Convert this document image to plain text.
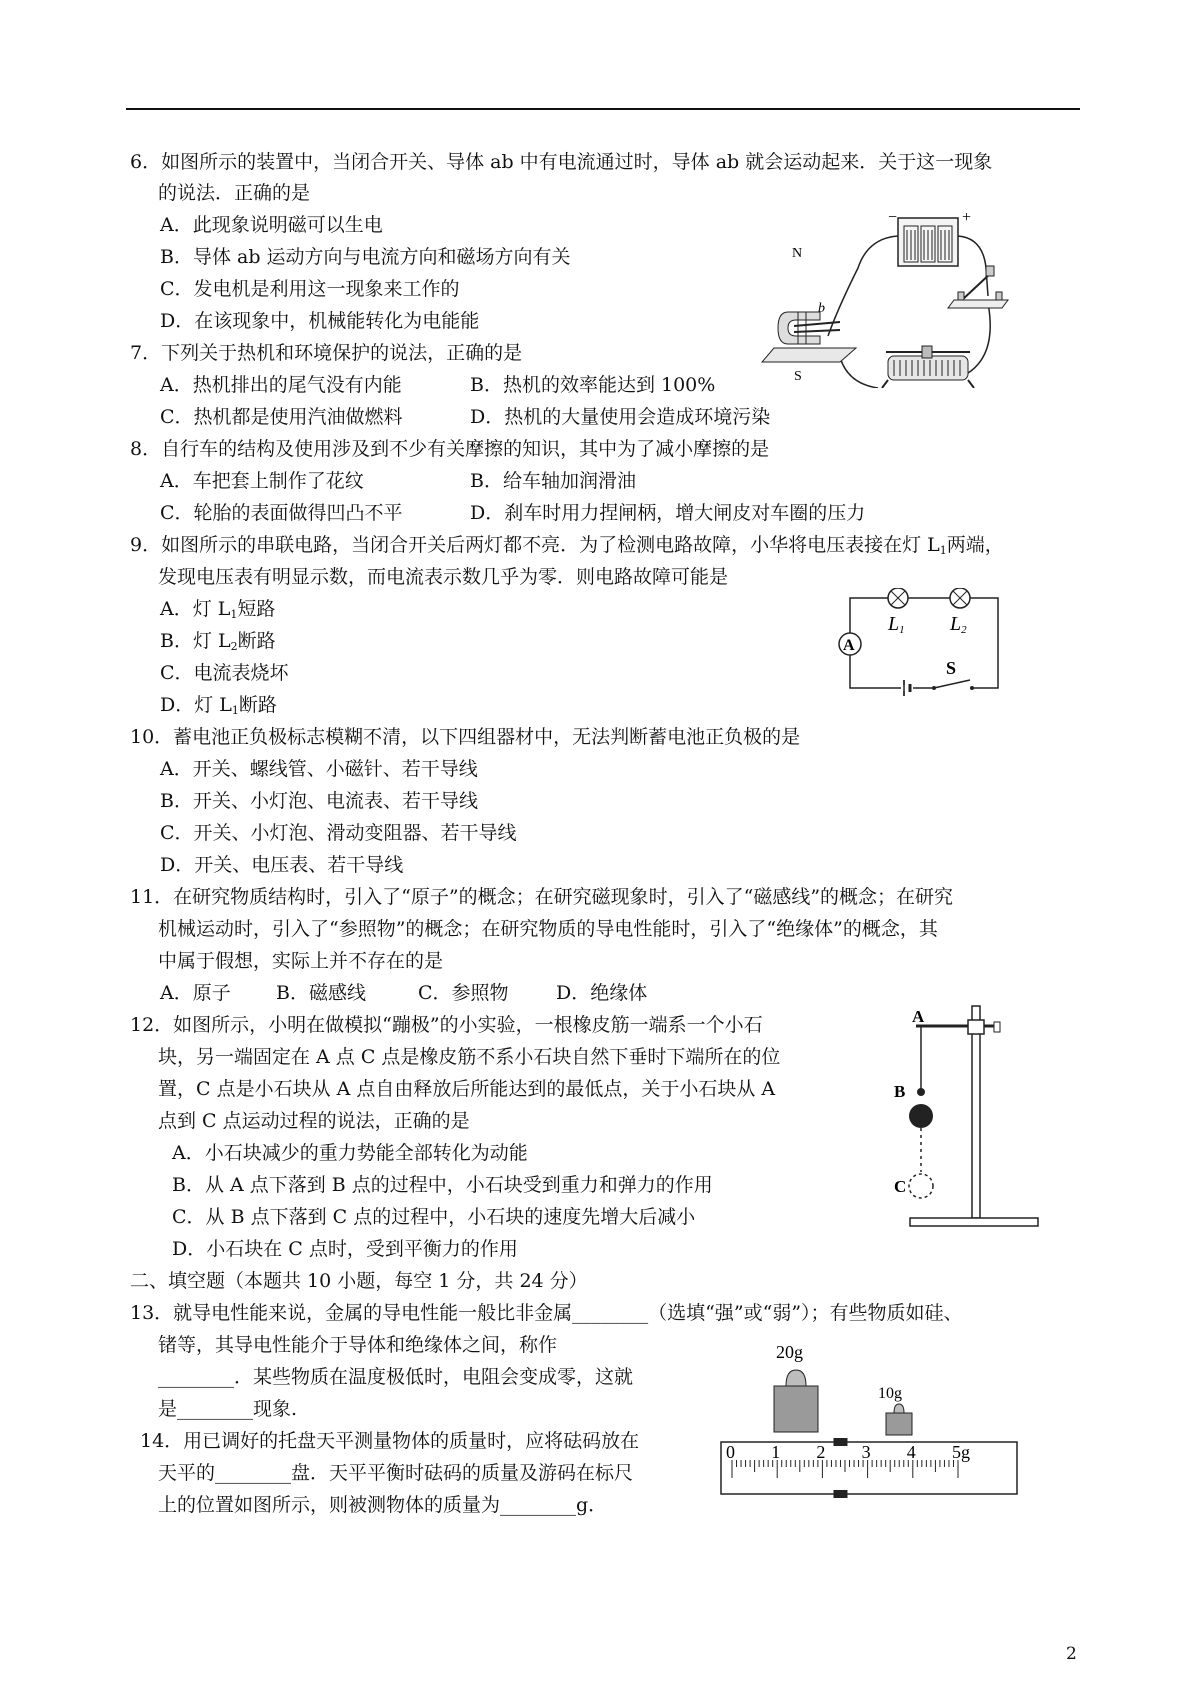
6．如图所示的装置中，当闭合开关、导体 ab 中有电流通过时，导体 ab 就会运动起来．关于这一现象
的说法．正确的是
A．此现象说明磁可以生电
B．导体 ab 运动方向与电流方向和磁场方向有关
C．发电机是利用这一现象来工作的
D．在该现象中，机械能转化为电能能
−	+
N
b
S
7．下列关于热机和环境保护的说法，正确的是
A．热机排出的尾气没有内能	B．热机的效率能达到 100%
C．热机都是使用汽油做燃料	D．热机的大量使用会造成环境污染
8．自行车的结构及使用涉及到不少有关摩擦的知识，其中为了减小摩擦的是
A．车把套上制作了花纹	B．给车轴加润滑油
C．轮胎的表面做得凹凸不平	D．刹车时用力捏闸柄，增大闸皮对车圈的压力
9．如图所示的串联电路，当闭合开关后两灯都不亮．为了检测电路故障，小华将电压表接在灯 $L_1$两端，
发现电压表有明显示数，而电流表示数几乎为零．则电路故障可能是
A．灯 $L_1$短路
B．灯 $L_2$断路
C．电流表烧坏
D．灯 $L_1$断路
L1 L2
A
S
10．蓄电池正负极标志模糊不清，以下四组器材中，无法判断蓄电池正负极的是
A．开关、螺线管、小磁针、若干导线
B．开关、小灯泡、电流表、若干导线
C．开关、小灯泡、滑动变阻器、若干导线
D．开关、电压表、若干导线
11．在研究物质结构时，引入了“原子”的概念；在研究磁现象时，引入了“磁感线”的概念；在研究
机械运动时，引入了“参照物”的概念；在研究物质的导电性能时，引入了“绝缘体”的概念，其
中属于假想，实际上并不存在的是
A．原子 B．磁感线	C．参照物 D．绝缘体
12．如图所示，小明在做模拟“蹦极”的小实验，一根橡皮筋一端系一个小石
块，另一端固定在 A 点 C 点是橡皮筋不系小石块自然下垂时下端所在的位
置，C 点是小石块从 A 点自由释放后所能达到的最低点，关于小石块从 A
点到 C 点运动过程的说法，正确的是
A．小石块减少的重力势能全部转化为动能
B．从 A 点下落到 B 点的过程中，小石块受到重力和弹力的作用
C．从 B 点下落到 C 点的过程中，小石块的速度先增大后减小
D．小石块在 C 点时，受到平衡力的作用
A
B
C
二、填空题（本题共 10 小题，每空 1 分，共 24 分）
13．就导电性能来说，金属的导电性能一般比非金属________（选填“强”或“弱”）；有些物质如硅、
锗等，其导电性能介于导体和绝缘体之间，称作
________．某些物质在温度极低时，电阻会变成零，这就
是________现象.
14．用已调好的托盘天平测量物体的质量时，应将砝码放在
天平的________盘．天平平衡时砝码的质量及游码在标尺
上的位置如图所示，则被测物体的质量为________g．
20g
10g
0 1 2 3 4 5g
2
